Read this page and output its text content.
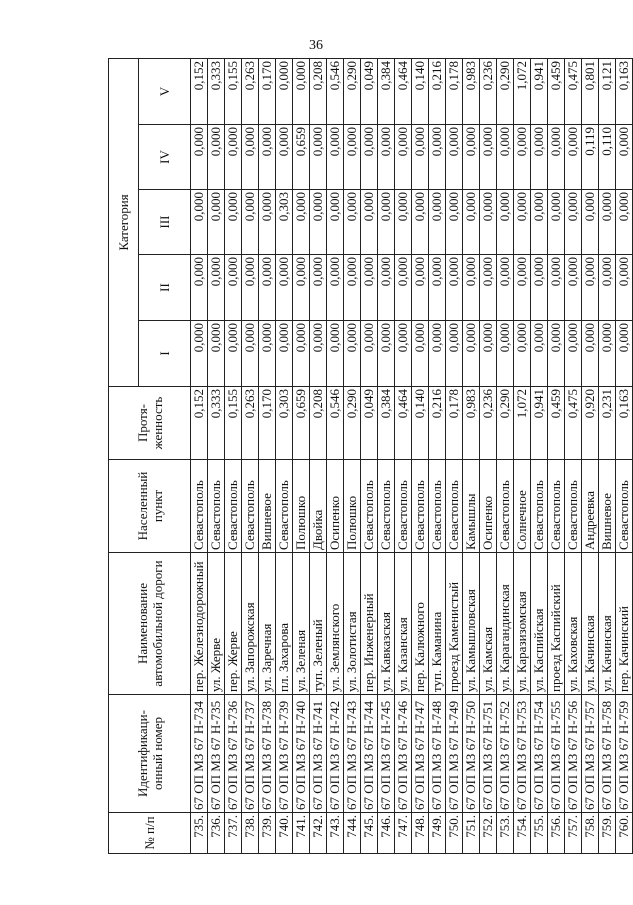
36
№ п/п	Идентификаци-онный номер	Наименование автомобильной дороги	Населенный пункт	Протя-женность	Категория				
					I	II	III	IV	V
735.	67 ОП МЗ 67 Н-734	пер. Железнодорожный	Севастополь	0,152	0,000	0,000	0,000	0,000	0,152
736.	67 ОП МЗ 67 Н-735	ул. Жерве	Севастополь	0,333	0,000	0,000	0,000	0,000	0,333
737.	67 ОП МЗ 67 Н-736	пер. Жерве	Севастополь	0,155	0,000	0,000	0,000	0,000	0,155
738.	67 ОП МЗ 67 Н-737	ул. Запорожская	Севастополь	0,263	0,000	0,000	0,000	0,000	0,263
739.	67 ОП МЗ 67 Н-738	ул. Заречная	Вишневое	0,170	0,000	0,000	0,000	0,000	0,170
740.	67 ОП МЗ 67 Н-739	пл. Захарова	Севастополь	0,303	0,000	0,000	0,303	0,000	0,000
741.	67 ОП МЗ 67 Н-740	ул. Зеленая	Полюшко	0,659	0,000	0,000	0,000	0,659	0,000
742.	67 ОП МЗ 67 Н-741	туп. Зеленый	Двойка	0,208	0,000	0,000	0,000	0,000	0,208
743.	67 ОП МЗ 67 Н-742	ул. Землянского	Осипенко	0,546	0,000	0,000	0,000	0,000	0,546
744.	67 ОП МЗ 67 Н-743	ул. Золотистая	Полюшко	0,290	0,000	0,000	0,000	0,000	0,290
745.	67 ОП МЗ 67 Н-744	пер. Инженерный	Севастополь	0,049	0,000	0,000	0,000	0,000	0,049
746.	67 ОП МЗ 67 Н-745	ул. Кавказская	Севастополь	0,384	0,000	0,000	0,000	0,000	0,384
747.	67 ОП МЗ 67 Н-746	ул. Казанская	Севастополь	0,464	0,000	0,000	0,000	0,000	0,464
748.	67 ОП МЗ 67 Н-747	пер. Калюжного	Севастополь	0,140	0,000	0,000	0,000	0,000	0,140
749.	67 ОП МЗ 67 Н-748	туп. Каманина	Севастополь	0,216	0,000	0,000	0,000	0,000	0,216
750.	67 ОП МЗ 67 Н-749	проезд Каменистый	Севастополь	0,178	0,000	0,000	0,000	0,000	0,178
751.	67 ОП МЗ 67 Н-750	ул. Камышловская	Камышлы	0,983	0,000	0,000	0,000	0,000	0,983
752.	67 ОП МЗ 67 Н-751	ул. Камская	Осипенко	0,236	0,000	0,000	0,000	0,000	0,236
753.	67 ОП МЗ 67 Н-752	ул. Карагандинская	Севастополь	0,290	0,000	0,000	0,000	0,000	0,290
754.	67 ОП МЗ 67 Н-753	ул. Каразизомская	Солнечное	1,072	0,000	0,000	0,000	0,000	1,072
755.	67 ОП МЗ 67 Н-754	ул. Каспийская	Севастополь	0,941	0,000	0,000	0,000	0,000	0,941
756.	67 ОП МЗ 67 Н-755	проезд Каспийский	Севастополь	0,459	0,000	0,000	0,000	0,000	0,459
757.	67 ОП МЗ 67 Н-756	ул. Каховская	Севастополь	0,475	0,000	0,000	0,000	0,000	0,475
758.	67 ОП МЗ 67 Н-757	ул. Качинская	Андреевка	0,920	0,000	0,000	0,000	0,119	0,801
759.	67 ОП МЗ 67 Н-758	ул. Качинская	Вишневое	0,231	0,000	0,000	0,000	0,110	0,121
760.	67 ОП МЗ 67 Н-759	пер. Качинский	Севастополь	0,163	0,000	0,000	0,000	0,000	0,163
